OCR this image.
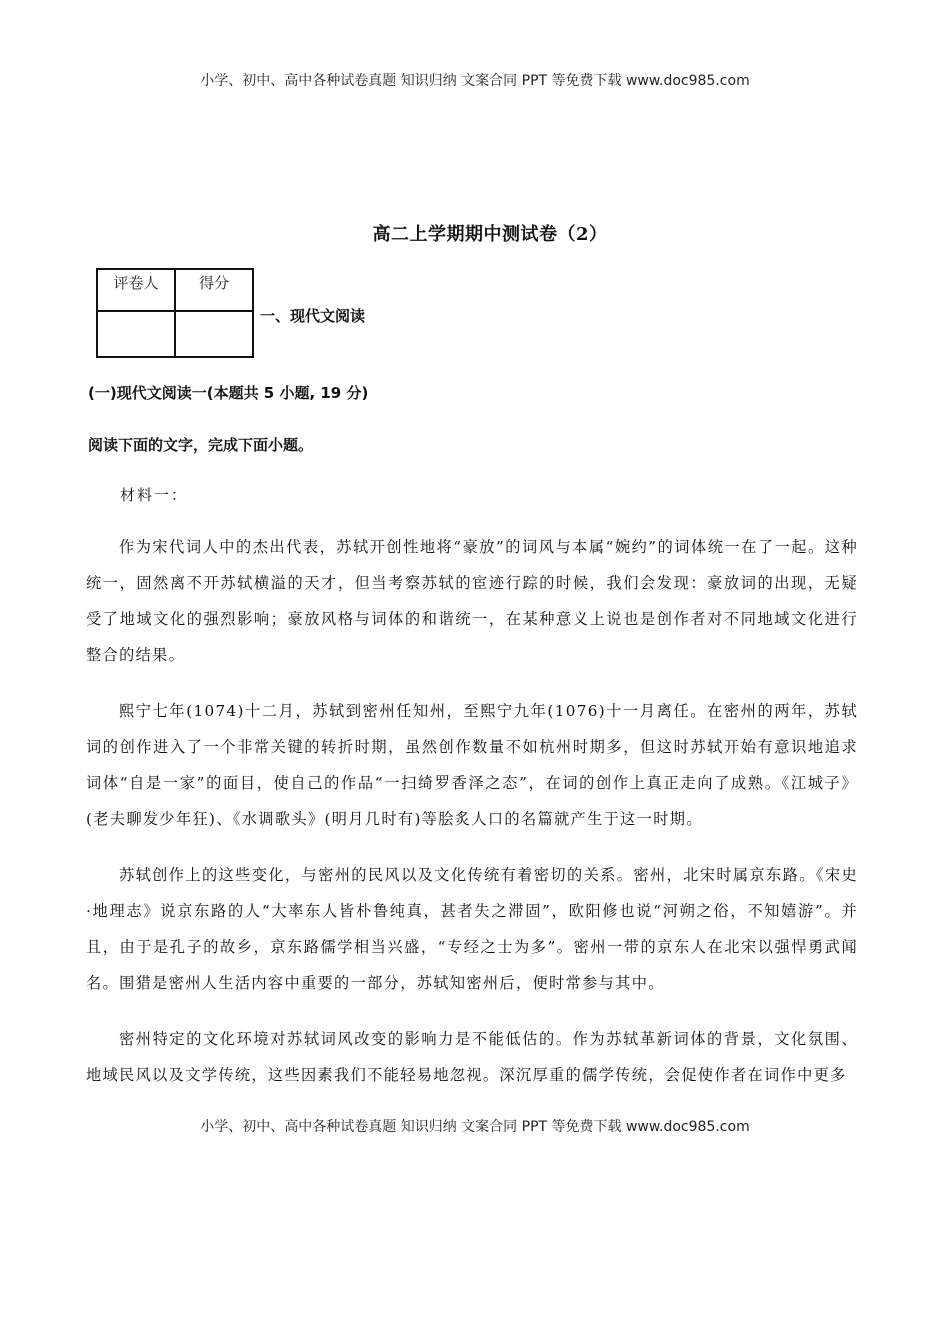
小学、初中、高中各种试卷真题 知识归纳 文案合同 PPT 等免费下载 www.doc985.com
高二上学期期中测试卷（2）
评卷人	得分

一、现代文阅读
(一)现代文阅读一(本题共 5 小题, 19 分)
阅读下面的文字，完成下面小题。
材料一：

作为宋代词人中的杰出代表，苏轼开创性地将“豪放”的词风与本属“婉约”的词体统一在了一起。这种统一，固然离不开苏轼横溢的天才，但当考察苏轼的宦迹行踪的时候，我们会发现：豪放词的出现，无疑受了地域文化的强烈影响；豪放风格与词体的和谐统一，在某种意义上说也是创作者对不同地域文化进行整合的结果。

熙宁七年(1074)十二月，苏轼到密州任知州，至熙宁九年(1076)十一月离任。在密州的两年，苏轼词的创作进入了一个非常关键的转折时期，虽然创作数量不如杭州时期多，但这时苏轼开始有意识地追求词体“自是一家”的面目，使自己的作品“一扫绮罗香泽之态”，在词的创作上真正走向了成熟。《江城子》(老夫聊发少年狂)、《水调歌头》(明月几时有)等脍炙人口的名篇就产生于这一时期。

苏轼创作上的这些变化，与密州的民风以及文化传统有着密切的关系。密州，北宋时属京东路。《宋史·地理志》说京东路的人“大率东人皆朴鲁纯真，甚者失之滞固”，欧阳修也说“河朔之俗，不知嬉游”。并且，由于是孔子的故乡，京东路儒学相当兴盛，“专经之士为多”。密州一带的京东人在北宋以强悍勇武闻名。围猎是密州人生活内容中重要的一部分，苏轼知密州后，便时常参与其中。

密州特定的文化环境对苏轼词风改变的影响力是不能低估的。作为苏轼革新词体的背景，文化氛围、地域民风以及文学传统，这些因素我们不能轻易地忽视。深沉厚重的儒学传统，会促使作者在词作中更多

小学、初中、高中各种试卷真题 知识归纳 文案合同 PPT 等免费下载 www.doc985.com
